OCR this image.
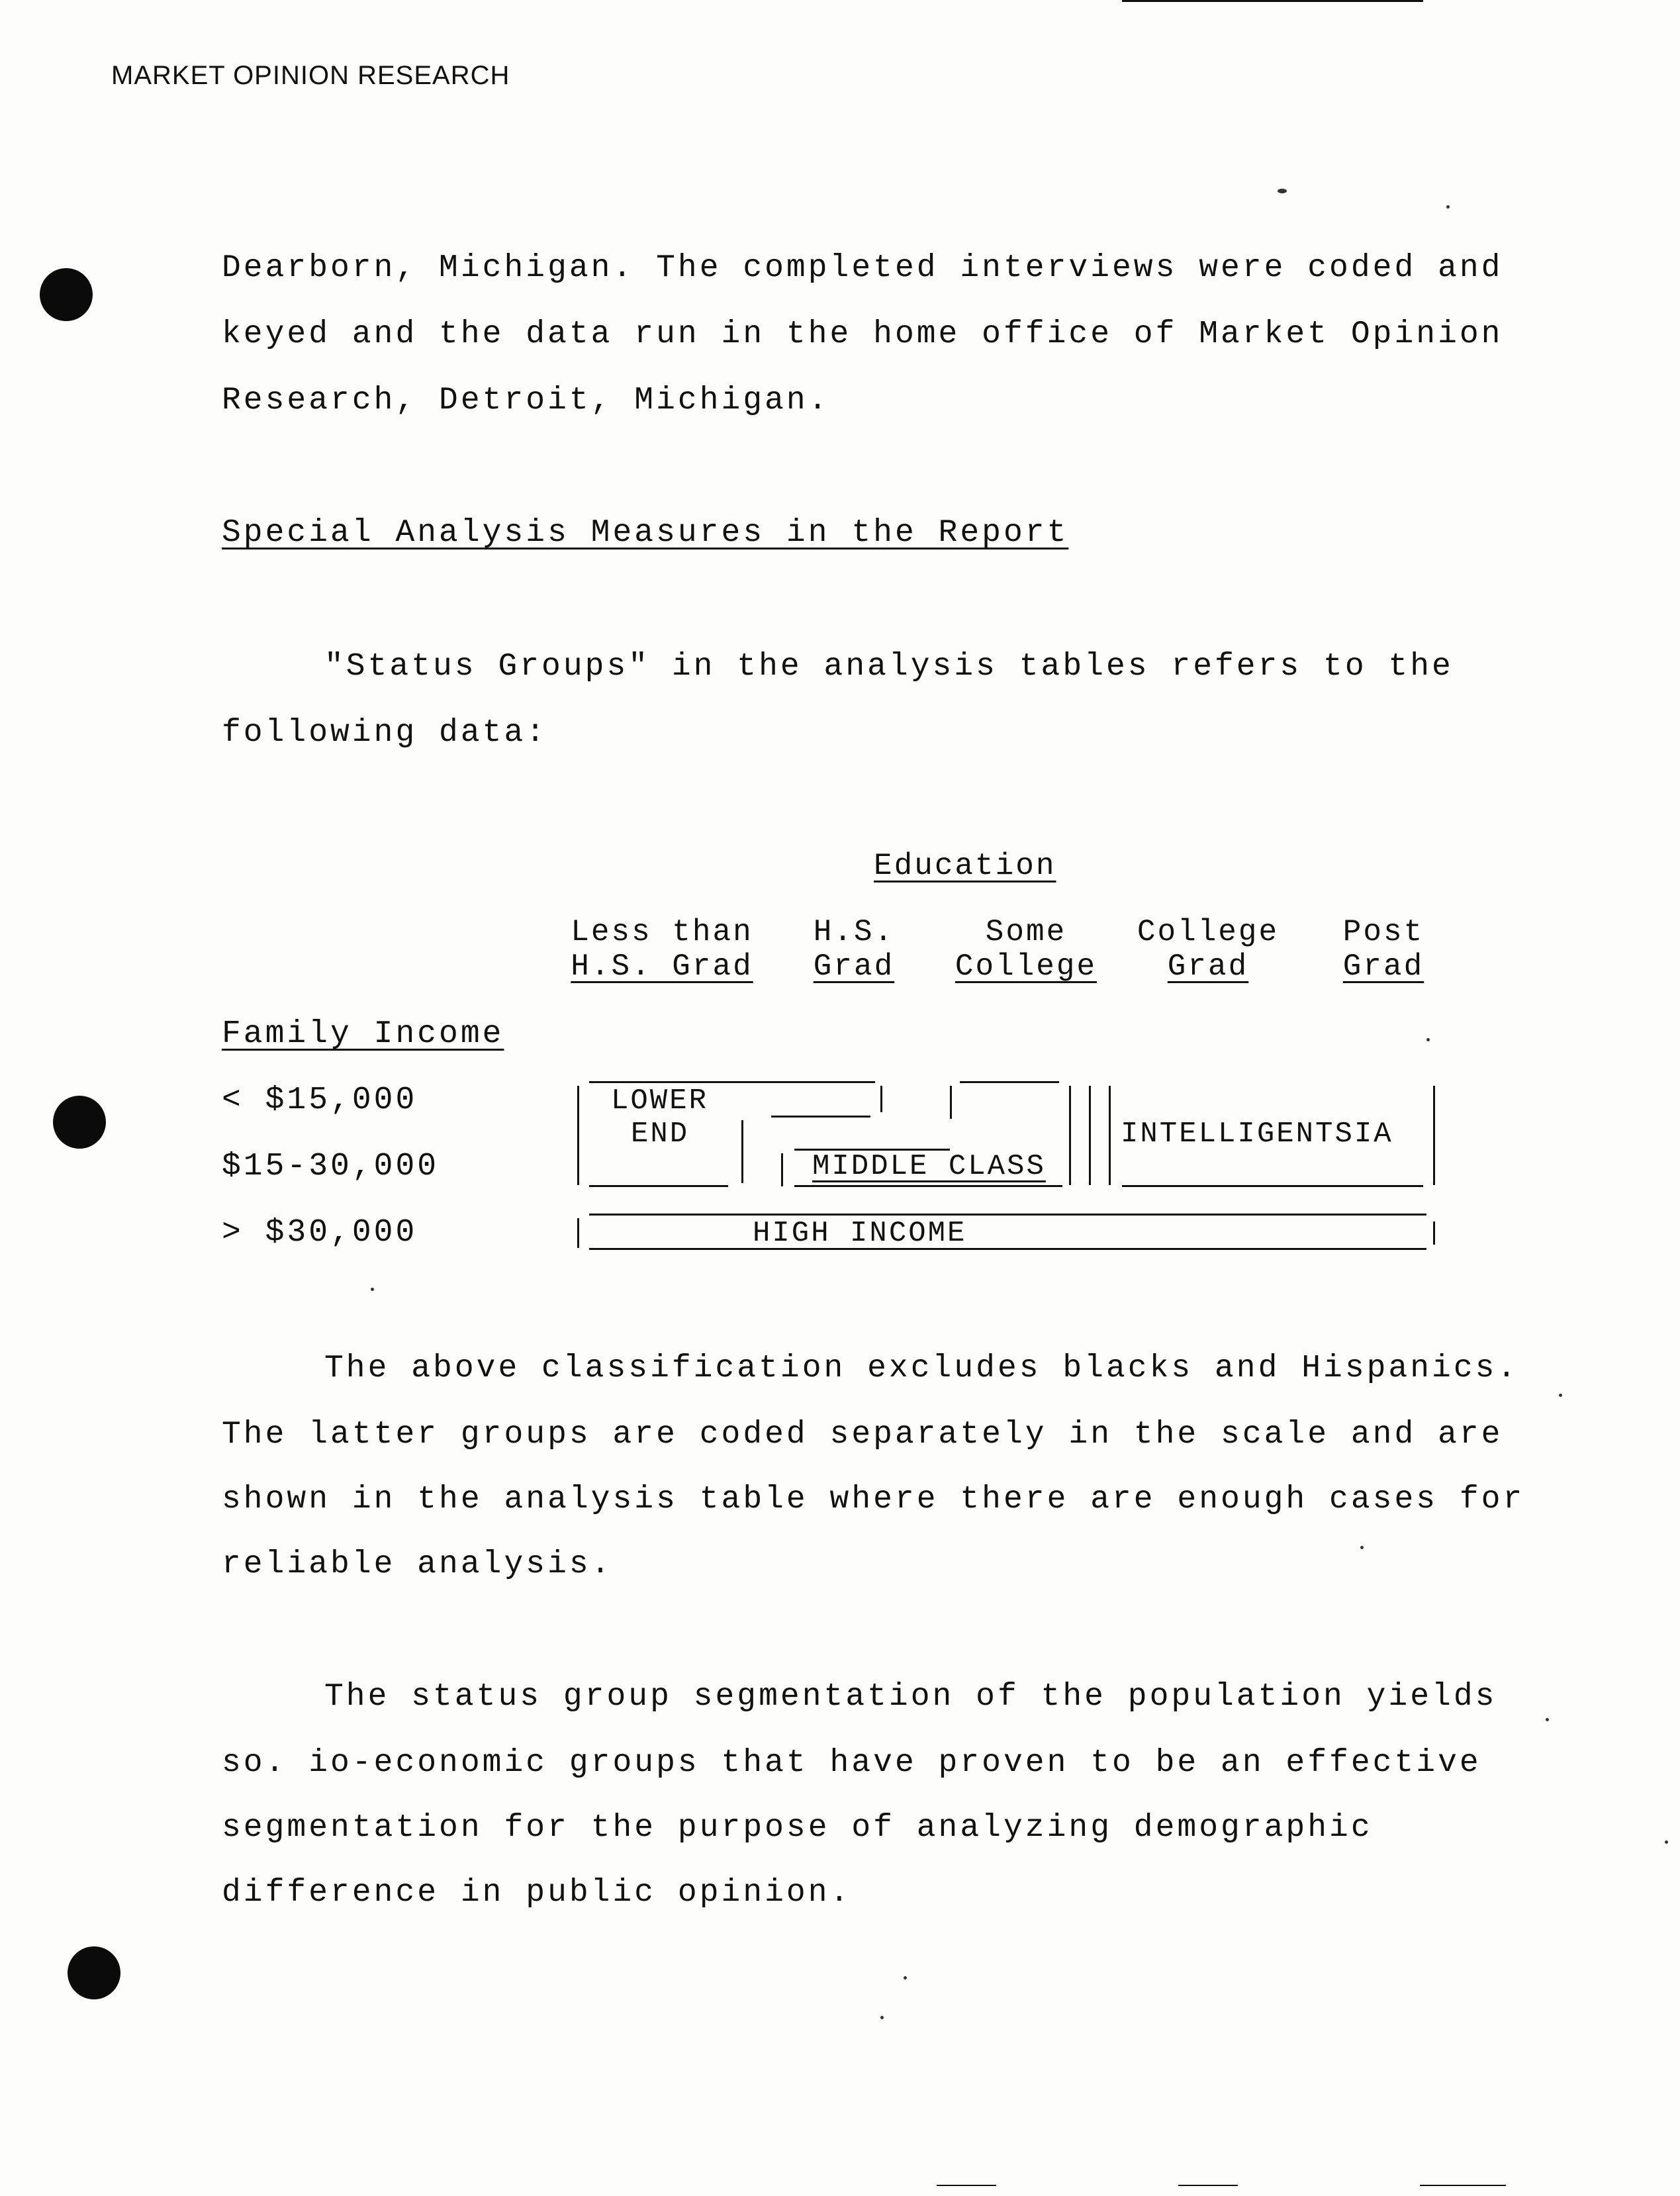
MARKET OPINION RESEARCH
Dearborn, Michigan. The completed interviews were coded and
keyed and the data run in the home office of Market Opinion
Research, Detroit, Michigan.
Special Analysis Measures in the Report
"Status Groups" in the analysis tables refers to the
following data:
Education
Less than
H.S. Grad
H.S.
Grad
Some
College
College
Grad
Post
Grad
Family Income
< $15,000
$15-30,000
> $30,000
LOWER
END
MIDDLE CLASS
INTELLIGENTSIA
HIGH INCOME
The above classification excludes blacks and Hispanics.
The latter groups are coded separately in the scale and are
shown in the analysis table where there are enough cases for
reliable analysis.
The status group segmentation of the population yields
so. io-economic groups that have proven to be an effective
segmentation for the purpose of analyzing demographic
difference in public opinion.
